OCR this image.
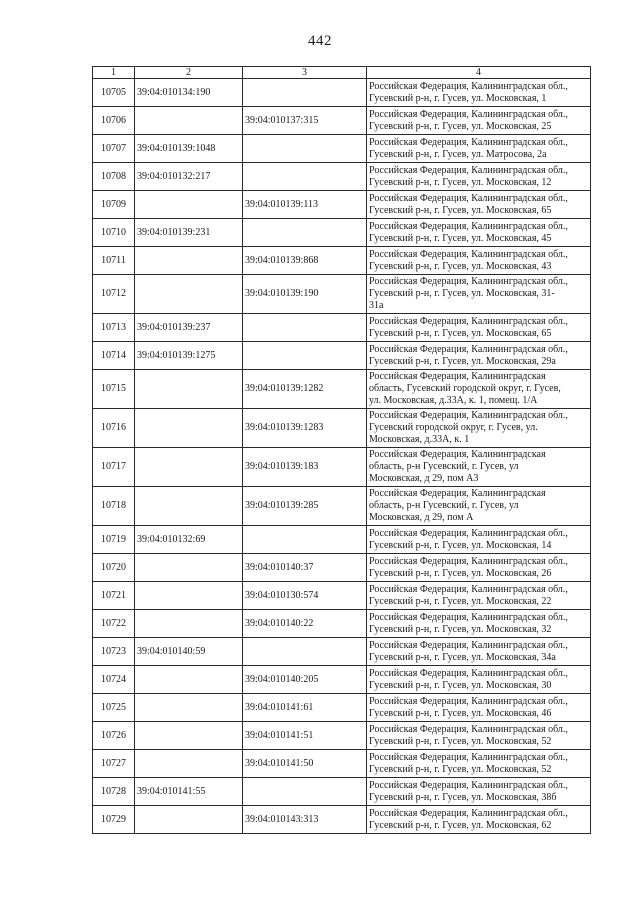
442
1	2	3	4
10705	39:04:010134:190		Российская Федерация, Калининградская обл.,
Гусевский р-н, г. Гусев, ул. Московская, 1

10706		39:04:010137:315	Российская Федерация, Калининградская обл.,
Гусевский р-н, г. Гусев, ул. Московская, 25

10707	39:04:010139:1048		Российская Федерация, Калининградская обл.,
Гусевский р-н, г. Гусев, ул. Матросова, 2а

10708	39:04:010132:217		Российская Федерация, Калининградская обл.,
Гусевский р-н, г. Гусев, ул. Московская, 12

10709		39:04:010139:113	Российская Федерация, Калининградская обл.,
Гусевский р-н, г. Гусев, ул. Московская, 65

10710	39:04:010139:231		Российская Федерация, Калининградская обл.,
Гусевский р-н, г. Гусев, ул. Московская, 45

10711		39:04:010139:868	Российская Федерация, Калининградская обл.,
Гусевский р-н, г. Гусев, ул. Московская, 43

10712		39:04:010139:190	Российская Федерация, Калининградская обл.,
Гусевский р-н, г. Гусев, ул. Московская, 31-
31а

10713	39:04:010139:237		Российская Федерация, Калининградская обл.,
Гусевский р-н, г. Гусев, ул. Московская, 65

10714	39:04:010139:1275		Российская Федерация, Калининградская обл.,
Гусевский р-н, г. Гусев, ул. Московская, 29а

10715		39:04:010139:1282	Российская Федерация, Калининградская
область, Гусевский городской округ, г. Гусев,
ул. Московская, д.33А, к. 1, помещ. 1/А

10716		39:04:010139:1283	Российская Федерация, Калининградская обл.,
Гусевский городской округ, г. Гусев, ул.
Московская, д.33А, к. 1

10717		39:04:010139:183	Российская Федерация, Калининградская
область, р-н Гусевский, г. Гусев, ул
Московская, д 29, пом А3

10718		39:04:010139:285	Российская Федерация, Калининградская
область, р-н Гусевский, г. Гусев, ул
Московская, д 29, пом А

10719	39:04:010132:69		Российская Федерация, Калининградская обл.,
Гусевский р-н, г. Гусев, ул. Московская, 14

10720		39:04:010140:37	Российская Федерация, Калининградская обл.,
Гусевский р-н, г. Гусев, ул. Московская, 26

10721		39:04:010130:574	Российская Федерация, Калининградская обл.,
Гусевский р-н, г. Гусев, ул. Московская, 22

10722		39:04:010140:22	Российская Федерация, Калининградская обл.,
Гусевский р-н, г. Гусев, ул. Московская, 32

10723	39:04:010140:59		Российская Федерация, Калининградская обл.,
Гусевский р-н, г. Гусев, ул. Московская, 34а

10724		39:04:010140:205	Российская Федерация, Калининградская обл.,
Гусевский р-н, г. Гусев, ул. Московская, 30

10725		39:04:010141:61	Российская Федерация, Калининградская обл.,
Гусевский р-н, г. Гусев, ул. Московская, 46

10726		39:04:010141:51	Российская Федерация, Калининградская обл.,
Гусевский р-н, г. Гусев, ул. Московская, 52

10727		39:04:010141:50	Российская Федерация, Калининградская обл.,
Гусевский р-н, г. Гусев, ул. Московская, 52

10728	39:04:010141:55		Российская Федерация, Калининградская обл.,
Гусевский р-н, г. Гусев, ул. Московская, 38б

10729		39:04:010143:313	Российская Федерация, Калининградская обл.,
Гусевский р-н, г. Гусев, ул. Московская, 62
